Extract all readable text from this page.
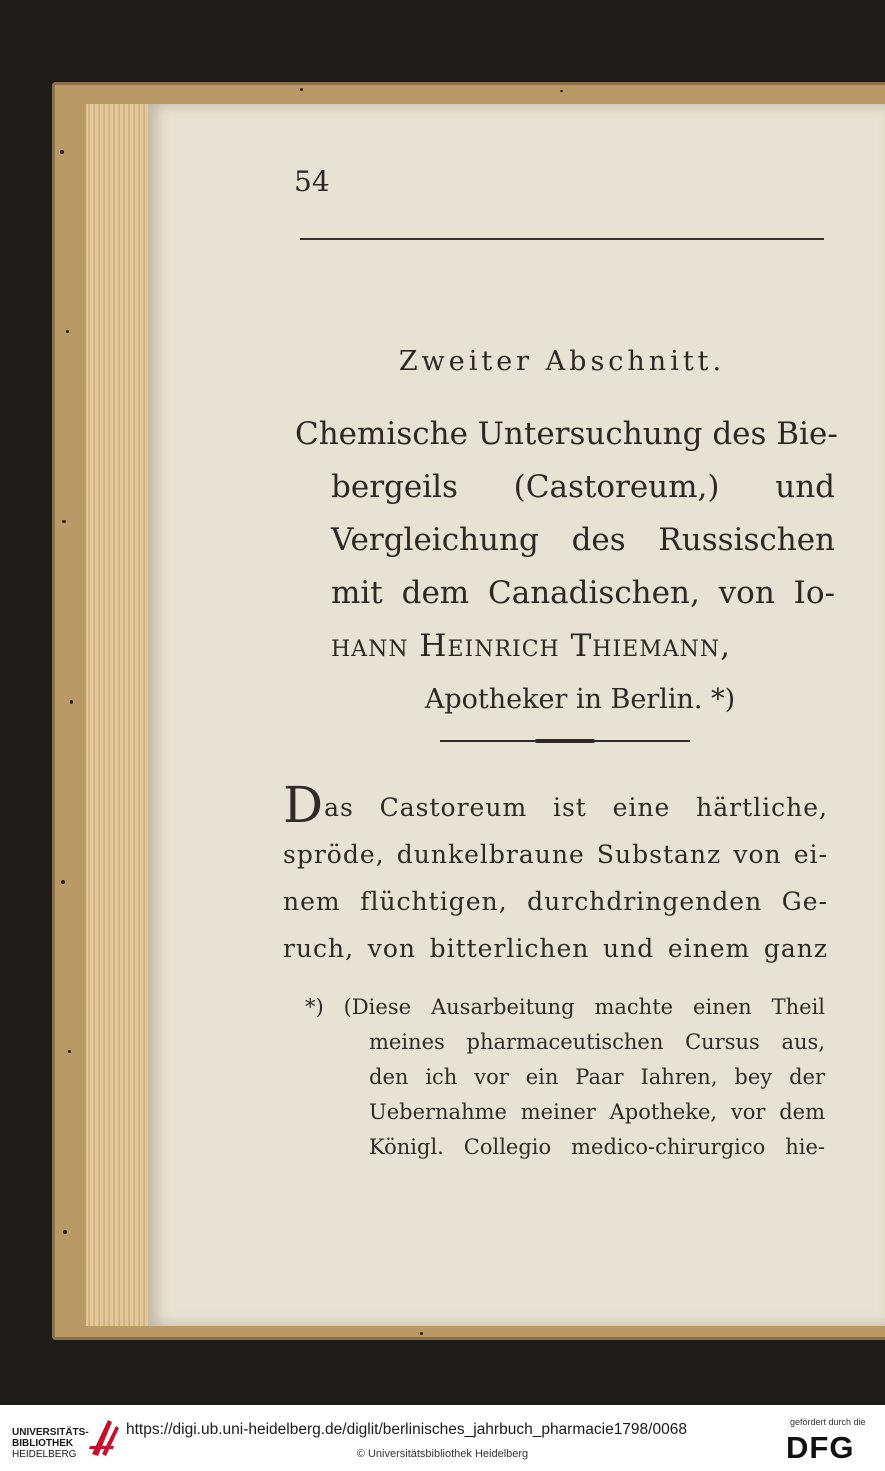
54
Zweiter Abschnitt.
Chemische Untersuchung des Bie-
bergeils (Castoreum,) und
Vergleichung des Russischen
mit dem Canadischen, von Io-
hann Heinrich Thiemann,
Apotheker in Berlin. *)
Das Castoreum ist eine härtliche,
spröde, dunkelbraune Substanz von ei-
nem flüchtigen, durchdringenden Ge-
ruch, von bitterlichen und einem ganz
*) (Diese Ausarbeitung machte einen Theil
meines pharmaceutischen Cursus aus,
den ich vor ein Paar Iahren, bey der
Uebernahme meiner Apotheke, vor dem
Königl. Collegio medico-chirurgico hie-
UNIVERSITÄTS-
BIBLIOTHEK
HEIDELBERG
https://digi.ub.uni-heidelberg.de/diglit/berlinisches_jahrbuch_pharmacie1798/0068
© Universitätsbibliothek Heidelberg
gefördert durch die
DFG
